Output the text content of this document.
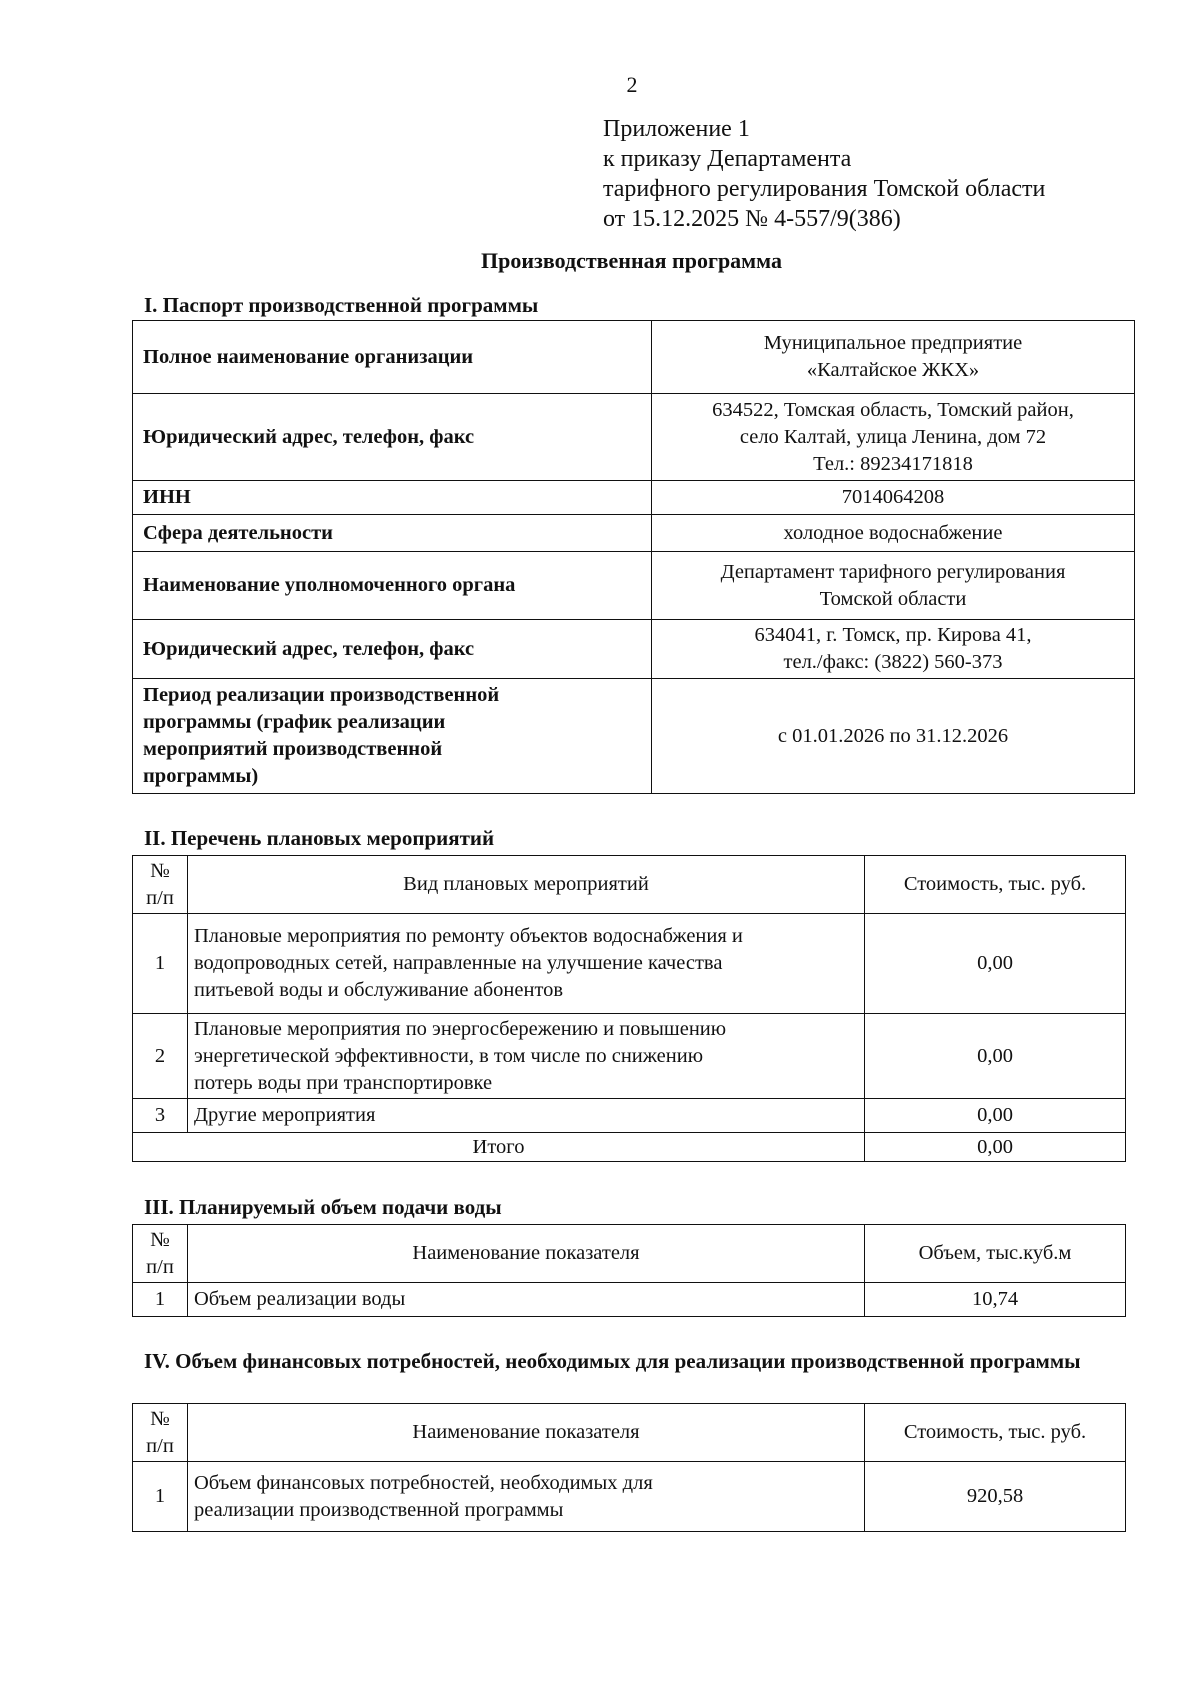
2
Приложение 1
к приказу Департамента
тарифного регулирования Томской области
от 15.12.2025 № 4-557/9(386)
Производственная программа
I. Паспорт производственной программы
Полное наименование организации	Муниципальное предприятие
«Калтайское ЖКХ»
Юридический адрес, телефон, факс	634522, Томская область, Томский район,
село Калтай, улица Ленина, дом 72
Тел.: 89234171818
ИНН	7014064208
Сфера деятельности	холодное водоснабжение
Наименование уполномоченного органа	Департамент тарифного регулирования
Томской области
Юридический адрес, телефон, факс	634041, г. Томск, пр. Кирова 41,
тел./факс: (3822) 560-373
Период реализации производственной
программы (график реализации
мероприятий производственной
программы)	с 01.01.2026 по 31.12.2026
II. Перечень плановых мероприятий
№
п/п	Вид плановых мероприятий	Стоимость, тыс. руб.
1	Плановые мероприятия по ремонту объектов водоснабжения и
водопроводных сетей, направленные на улучшение качества
питьевой воды и обслуживание абонентов	0,00
2	Плановые мероприятия по энергосбережению и повышению
энергетической эффективности, в том числе по снижению
потерь воды при транспортировке	0,00
3	Другие мероприятия	0,00
Итого		0,00
III. Планируемый объем подачи воды
№
п/п	Наименование показателя	Объем, тыс.куб.м
1	Объем реализации воды	10,74
IV. Объем финансовых потребностей, необходимых для реализации производственной программы
№
п/п	Наименование показателя	Стоимость, тыс. руб.
1	Объем финансовых потребностей, необходимых для
реализации производственной программы	920,58
